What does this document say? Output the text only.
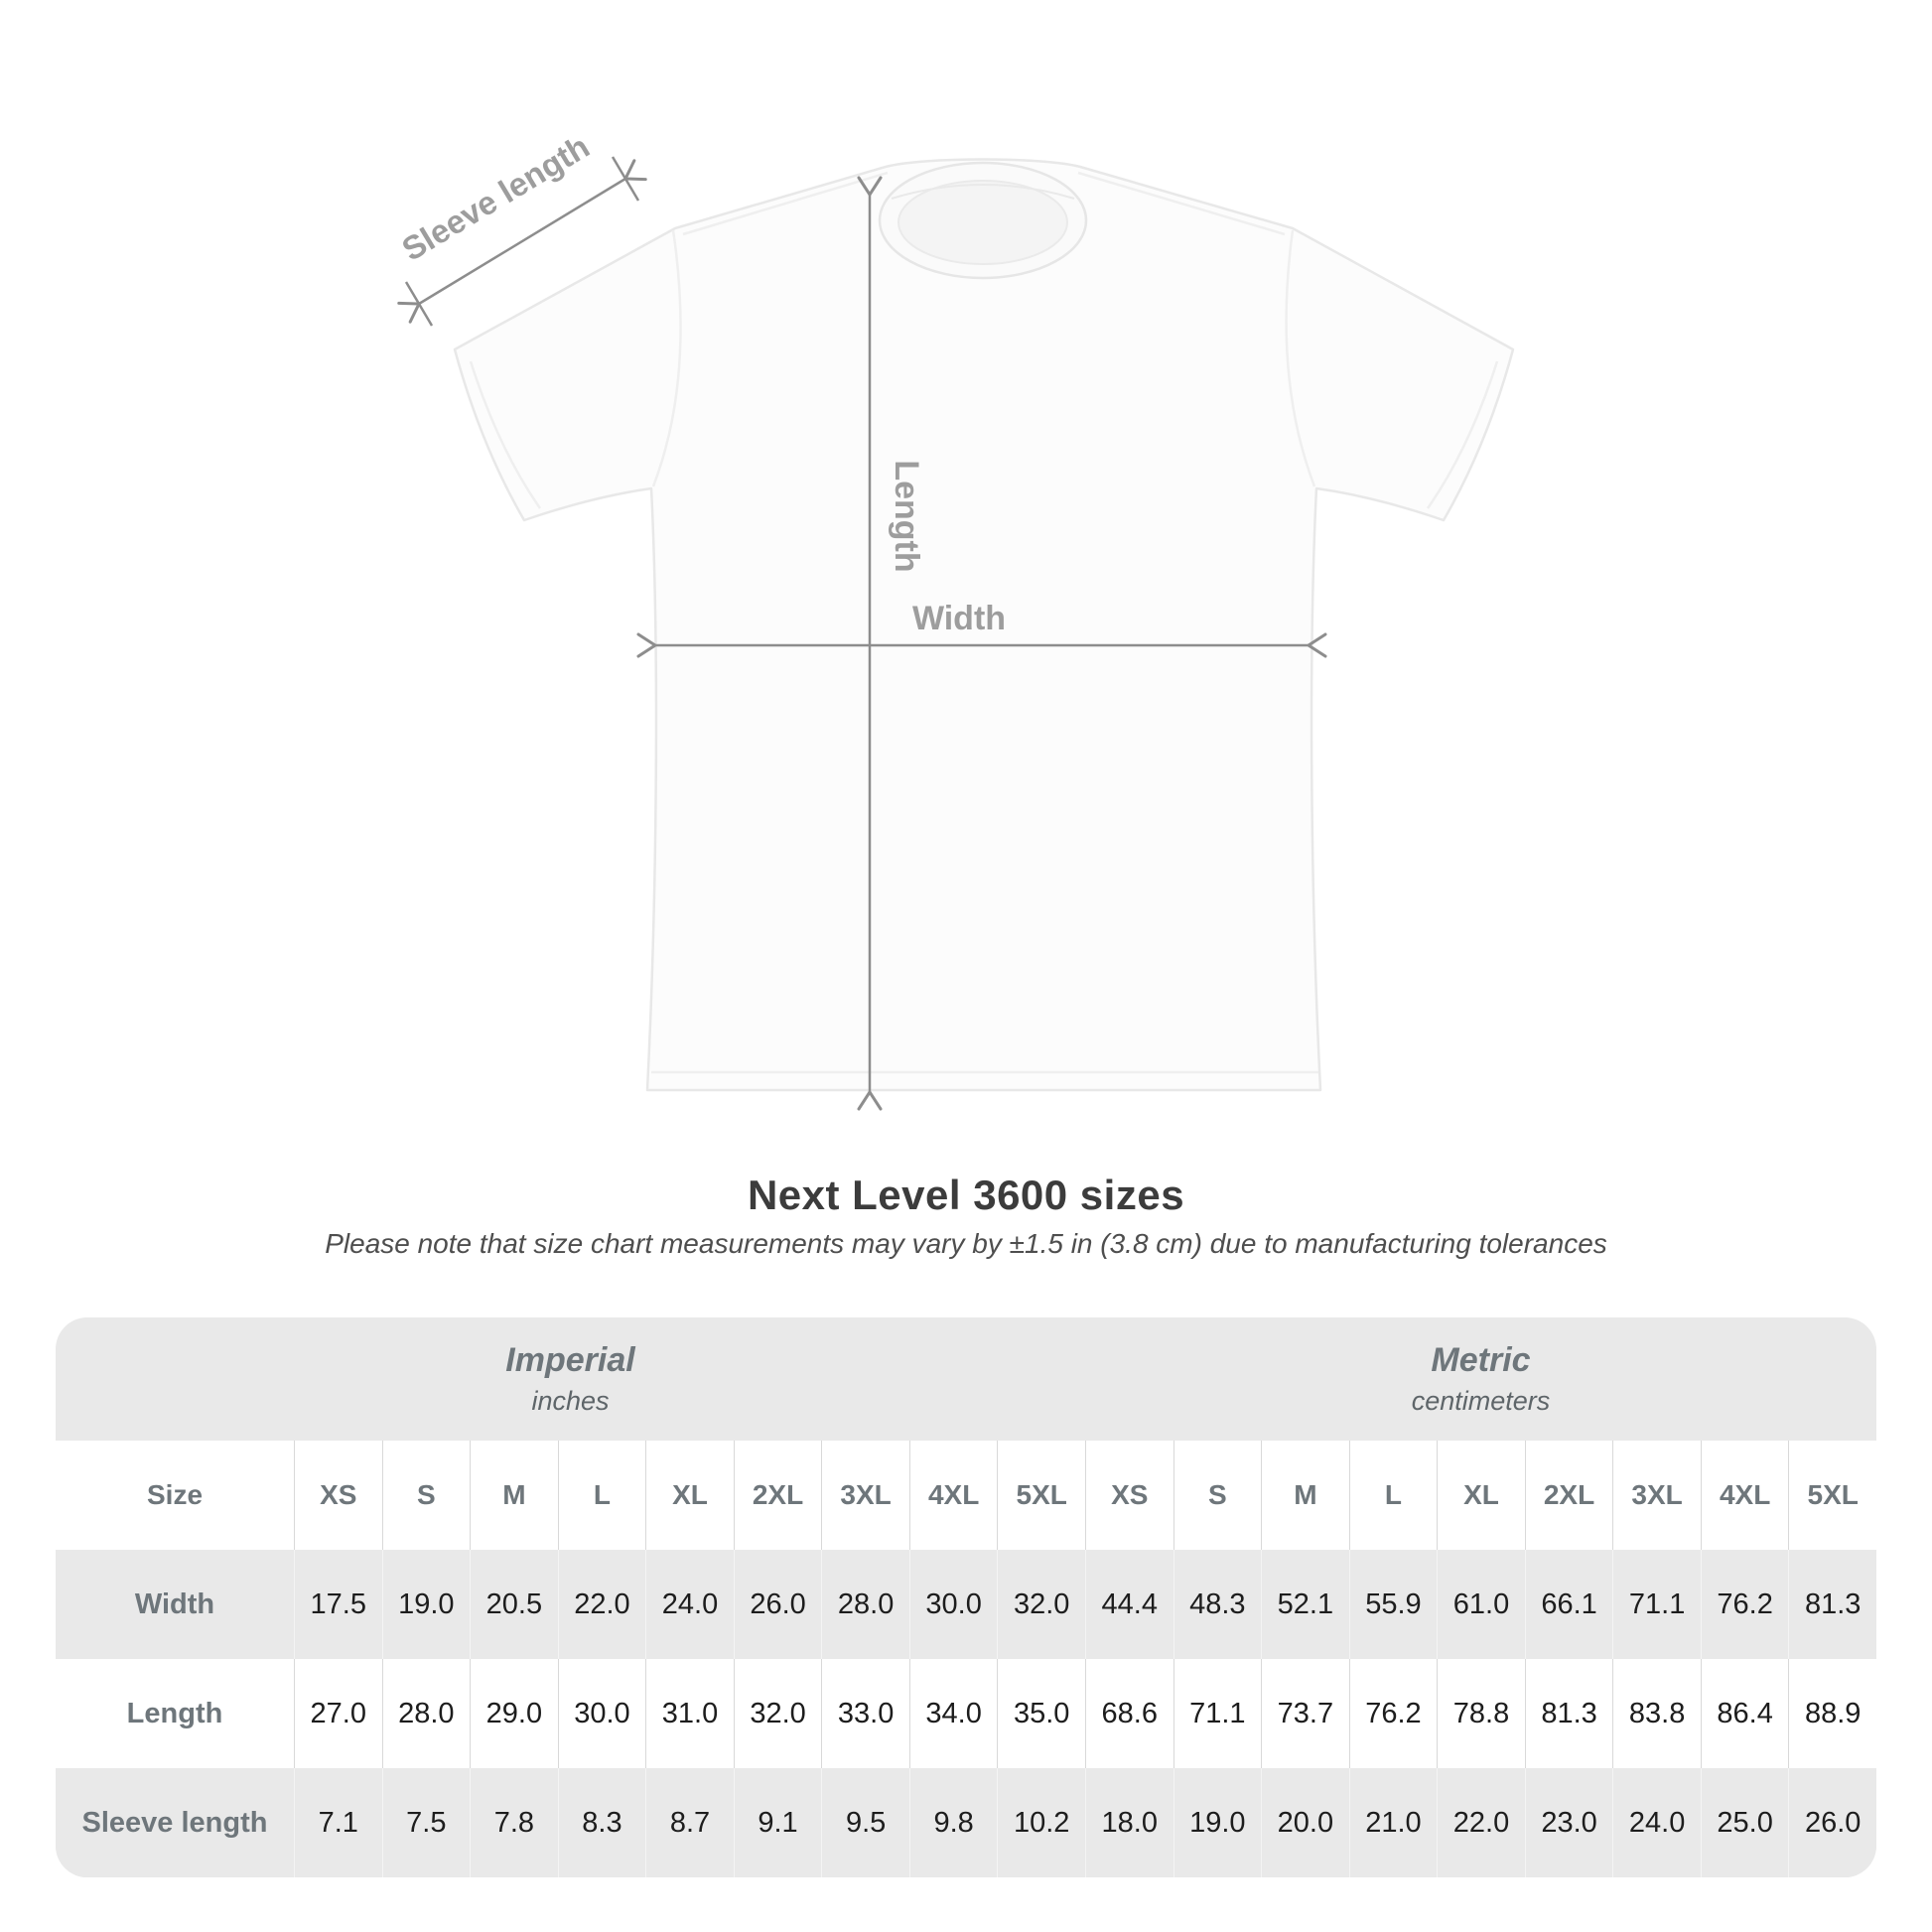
Sleeve length
Length
Width
Next Level 3600 sizes

Please note that size chart measurements may vary by ±1.5 in (3.8 cm) due to manufacturing tolerances

Imperial
inches
Metric
centimeters
Size	XS	S	M	L	XL	2XL	3XL	4XL	5XL	XS	S	M	L	XL	2XL	3XL	4XL	5XL
Width	17.5	19.0	20.5	22.0	24.0	26.0	28.0	30.0	32.0	44.4	48.3	52.1	55.9	61.0	66.1	71.1	76.2	81.3
Length	27.0	28.0	29.0	30.0	31.0	32.0	33.0	34.0	35.0	68.6	71.1	73.7	76.2	78.8	81.3	83.8	86.4	88.9
Sleeve length	7.1	7.5	7.8	8.3	8.7	9.1	9.5	9.8	10.2	18.0	19.0	20.0	21.0	22.0	23.0	24.0	25.0	26.0
